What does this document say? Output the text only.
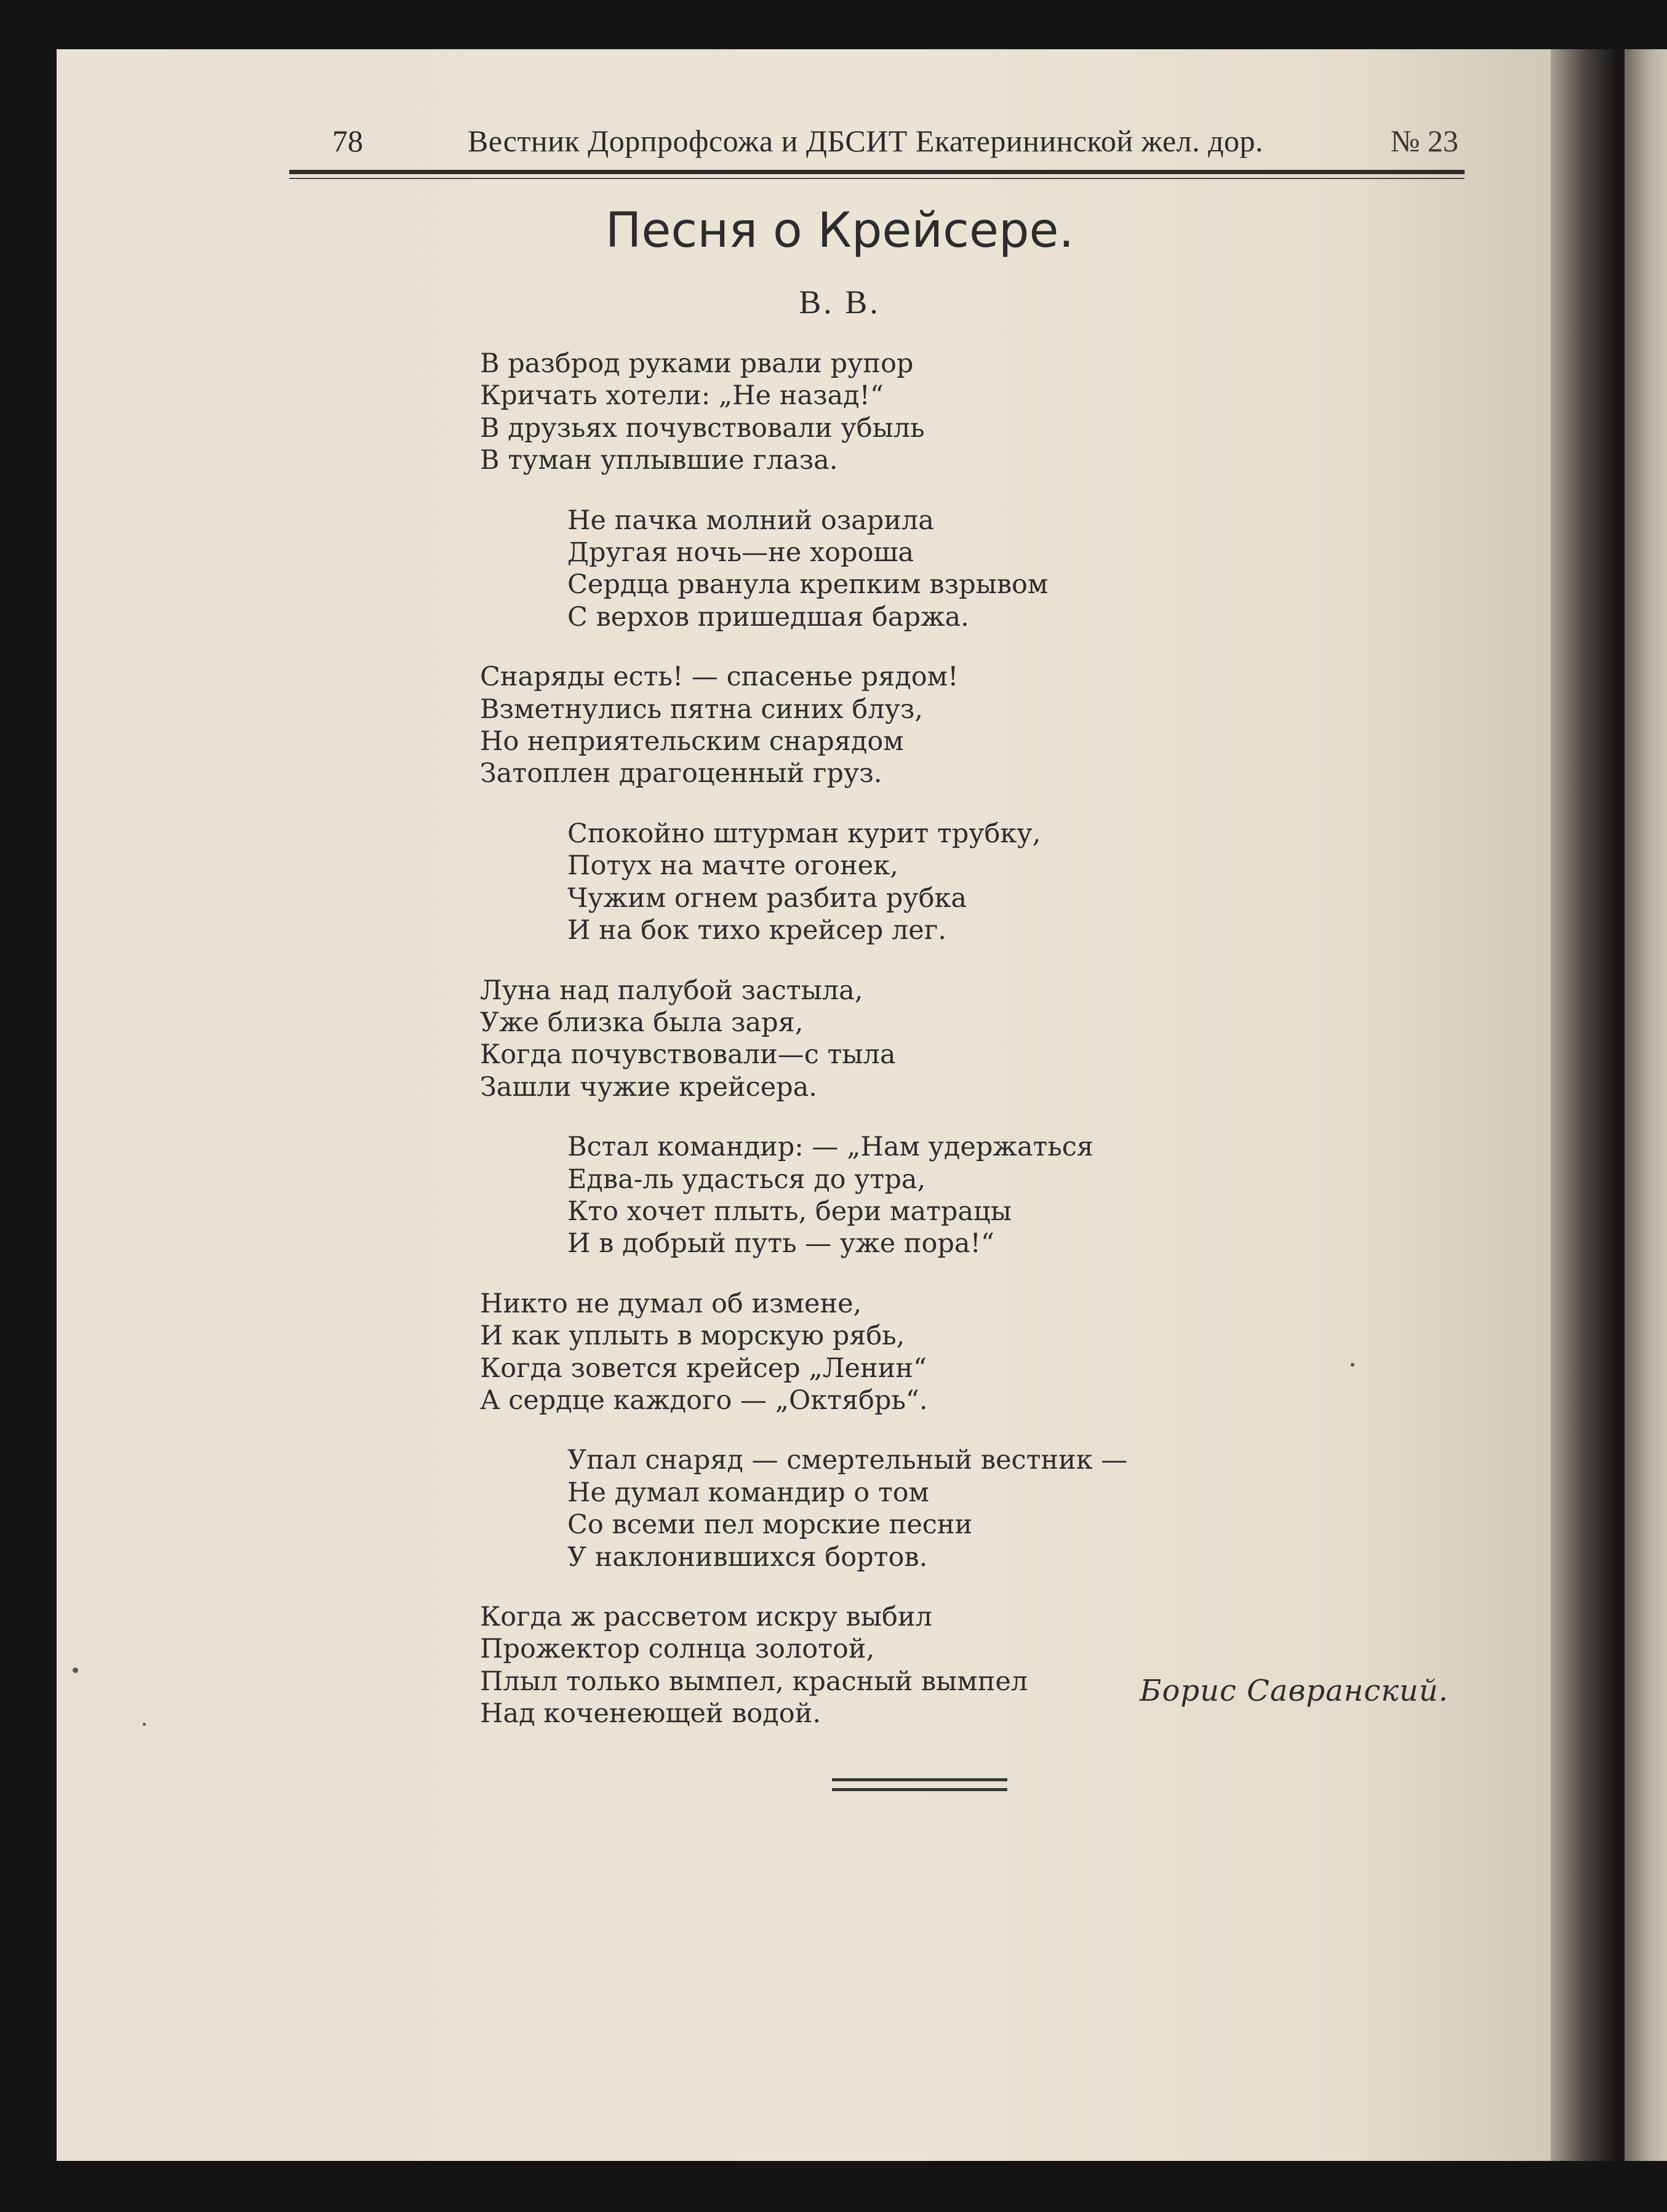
78	Вестник Дорпрофсожа и ДБСИТ Екатерининской жел. дор.	№ 23
Песня о Крейсере.
В. В.
В разброд руками рвали рупор
Кричать хотели: „Не назад!“
В друзьях почувствовали убыль
В туман уплывшие глаза.
Не пачка молний озарила
Другая ночь—не хороша
Сердца рванула крепким взрывом
С верхов пришедшая баржа.
Снаряды есть! — спасенье рядом!
Взметнулись пятна синих блуз,
Но неприятельским снарядом
Затоплен драгоценный груз.
Спокойно штурман курит трубку,
Потух на мачте огонек,
Чужим огнем разбита рубка
И на бок тихо крейсер лег.
Луна над палубой застыла,
Уже близка была заря,
Когда почувствовали—с тыла
Зашли чужие крейсера.
Встал командир: — „Нам удержаться
Едва-ль удасться до утра,
Кто хочет плыть, бери матрацы
И в добрый путь — уже пора!“
Никто не думал об измене,
И как уплыть в морскую рябь,
Когда зовется крейсер „Ленин“
А сердце каждого — „Октябрь“.
Упал снаряд — смертельный вестник —
Не думал командир о том
Со всеми пел морские песни
У наклонившихся бортов.
Когда ж рассветом искру выбил
Прожектор солнца золотой,
Плыл только вымпел, красный вымпел
Над коченеющей водой.
Борис Савранский.
